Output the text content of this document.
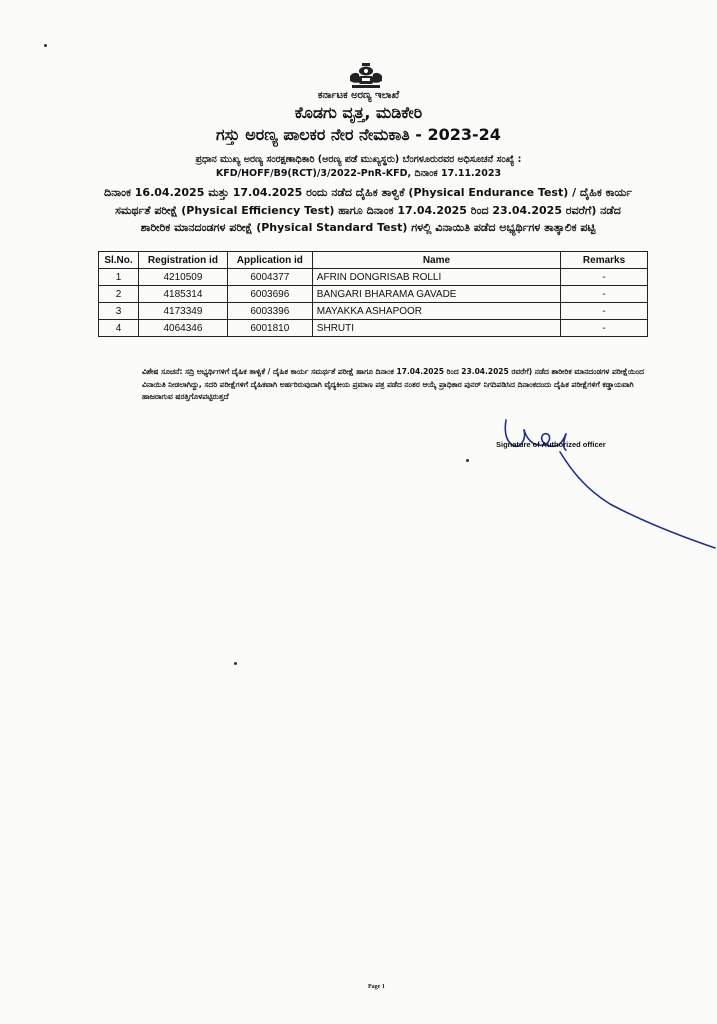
ಕರ್ನಾಟಕ ಅರಣ್ಯ ಇಲಾಖೆ
ಕೊಡಗು ವೃತ್ತ, ಮಡಿಕೇರಿ
ಗಸ್ತು ಅರಣ್ಯ ಪಾಲಕರ ನೇರ ನೇಮಕಾತಿ - 2023-24
ಪ್ರಧಾನ ಮುಖ್ಯ ಅರಣ್ಯ ಸಂರಕ್ಷಣಾಧಿಕಾರಿ (ಅರಣ್ಯ ಪಡೆ ಮುಖ್ಯಸ್ಥರು) ಬೆಂಗಳೂರುರವರ ಅಧಿಸೂಚನೆ ಸಂಖ್ಯೆ :
KFD/HOFF/B9(RCT)/3/2022-PnR-KFD, ದಿನಾಂಕ 17.11.2023
ದಿನಾಂಕ 16.04.2025 ಮತ್ತು 17.04.2025 ರಂದು ನಡೆದ ದೈಹಿಕ ತಾಳ್ವಿಕೆ (Physical Endurance Test) / ದೈಹಿಕ ಕಾರ್ಯ ಸಮರ್ಥತೆ ಪರೀಕ್ಷೆ (Physical Efficiency Test) ಹಾಗೂ ದಿನಾಂಕ 17.04.2025 ರಿಂದ 23.04.2025 ರವರೆಗೆ) ನಡೆದ ಶಾರೀರಿಕ ಮಾನದಂಡಗಳ ಪರೀಕ್ಷೆ (Physical Standard Test) ಗಳಲ್ಲಿ ವಿನಾಯಿತಿ ಪಡೆದ ಅಭ್ಯರ್ಥಿಗಳ ತಾತ್ಕಾಲಿಕ ಪಟ್ಟಿ
Sl.No.	Registration id	Application id	Name	Remarks
1	4210509	6004377	AFRIN DONGRISAB ROLLI	-
2	4185314	6003696	BANGARI BHARAMA GAVADE	-
3	4173349	6003396	MAYAKKA ASHAPOOR	-
4	4064346	6001810	SHRUTI	-
ವಿಶೇಷ ಸೂಚನೆ: ಸದ್ರಿ ಅಭ್ಯರ್ಥಿಗಳಿಗೆ ದೈಹಿಕ ತಾಳ್ವಿಕೆ / ದೈಹಿಕ ಕಾರ್ಯ ಸಮರ್ಥತೆ ಪರೀಕ್ಷೆ ಹಾಗೂ ದಿನಾಂಕ 17.04.2025 ರಿಂದ 23.04.2025 ರವರೆಗೆ) ನಡೆದ ಶಾರೀರಿಕ ಮಾನದಂಡಗಳ ಪರೀಕ್ಷೆಯಿಂದ ವಿನಾಯಿತಿ ನೀಡಲಾಗಿದ್ದು, ಸದರಿ ಪರೀಕ್ಷೆಗಳಿಗೆ ದೈಹಿಕವಾಗಿ ಅರ್ಹರಿರುವುದಾಗಿ ವೈದ್ಯಕೀಯ ಪ್ರಮಾಣ ಪತ್ರ ಪಡೆದ ನಂತರ ಆಯ್ಕೆ ಪ್ರಾಧಿಕಾರ ಪುನರ್ ನಿಗದಿಪಡಿಸಿದ ದಿನಾಂಕದಂದು ದೈಹಿಕ ಪರೀಕ್ಷೆಗಳಿಗೆ ಕಡ್ಡಾಯವಾಗಿ ಹಾಜರಾಗುವ ಷರತ್ತಿಗೊಳಪಟ್ಟಿರುತ್ತದೆ
Signature of Authorized officer
Page 1
